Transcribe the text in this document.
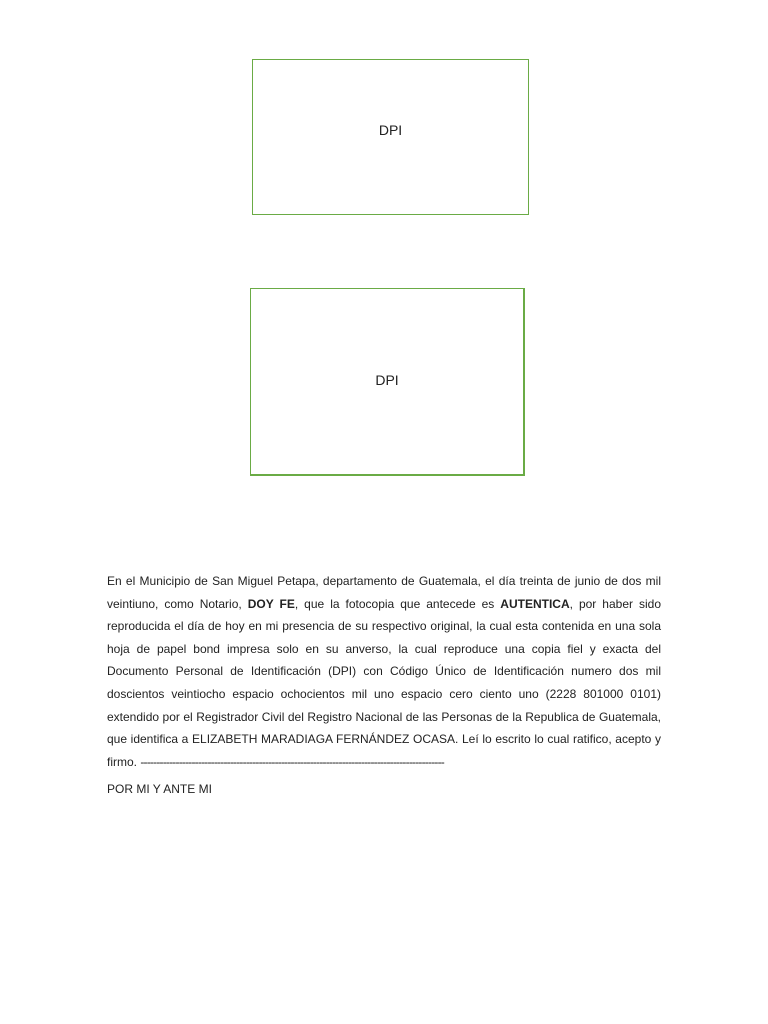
DPI
DPI

En el Municipio de San Miguel Petapa, departamento de Guatemala, el día treinta de junio de dos mil veintiuno, como Notario, DOY FE, que la fotocopia que antecede es AUTENTICA, por haber sido reproducida el día de hoy en mi presencia de su respectivo original, la cual esta contenida en una sola hoja de papel bond impresa solo en su anverso, la cual reproduce una copia fiel y exacta del Documento Personal de Identificación (DPI) con Código Único de Identificación numero dos mil doscientos veintiocho espacio ochocientos mil uno espacio cero ciento uno (2228 801000 0101) extendido por el Registrador Civil del Registro Nacional de las Personas de la Republica de Guatemala, que identifica a ELIZABETH MARADIAGA FERNÁNDEZ OCASA. Leí lo escrito lo cual ratifico, acepto y firmo. -----------------------------------------------------------------------------------------------

POR MI Y ANTE MI
